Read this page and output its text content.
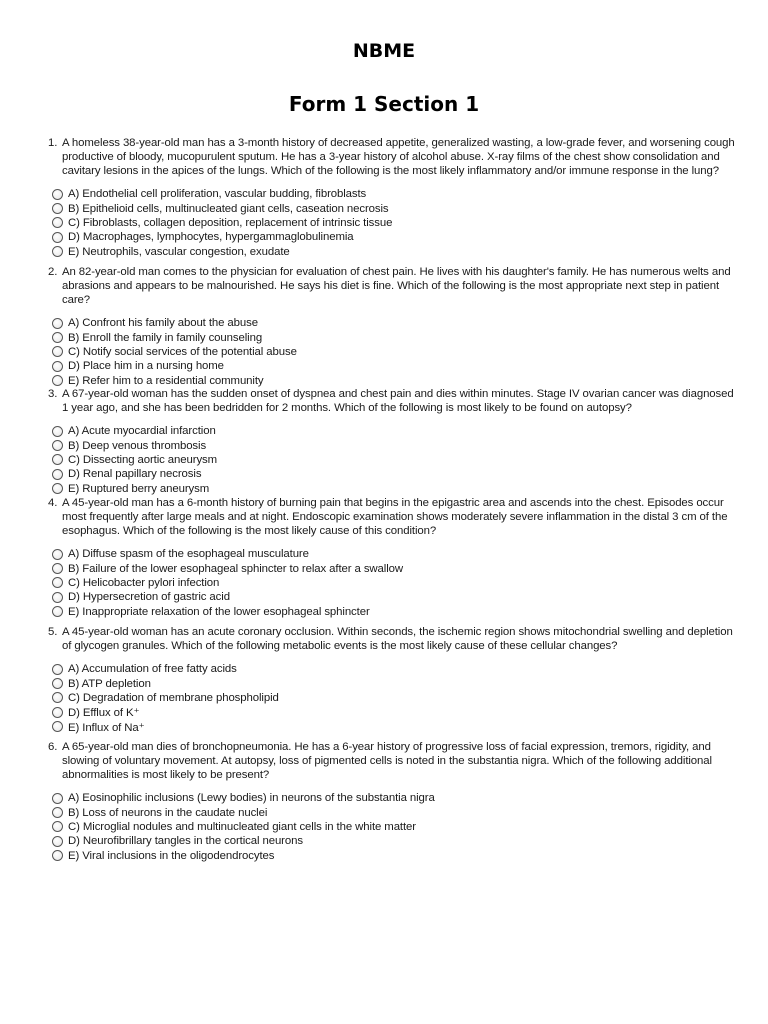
NBME
Form 1 Section 1
1. A homeless 38-year-old man has a 3-month history of decreased appetite, generalized wasting, a low-grade fever, and worsening cough productive of bloody, mucopurulent sputum. He has a 3-year history of alcohol abuse. X-ray films of the chest show consolidation and cavitary lesions in the apices of the lungs. Which of the following is the most likely inflammatory and/or immune response in the lung?
A) Endothelial cell proliferation, vascular budding, fibroblasts
B) Epithelioid cells, multinucleated giant cells, caseation necrosis
C) Fibroblasts, collagen deposition, replacement of intrinsic tissue
D) Macrophages, lymphocytes, hypergammaglobulinemia
E) Neutrophils, vascular congestion, exudate
2. An 82-year-old man comes to the physician for evaluation of chest pain. He lives with his daughter's family. He has numerous welts and abrasions and appears to be malnourished. He says his diet is fine. Which of the following is the most appropriate next step in patient care?
A) Confront his family about the abuse
B) Enroll the family in family counseling
C) Notify social services of the potential abuse
D) Place him in a nursing home
E) Refer him to a residential community
3. A 67-year-old woman has the sudden onset of dyspnea and chest pain and dies within minutes. Stage IV ovarian cancer was diagnosed 1 year ago, and she has been bedridden for 2 months. Which of the following is most likely to be found on autopsy?
A) Acute myocardial infarction
B) Deep venous thrombosis
C) Dissecting aortic aneurysm
D) Renal papillary necrosis
E) Ruptured berry aneurysm
4. A 45-year-old man has a 6-month history of burning pain that begins in the epigastric area and ascends into the chest. Episodes occur most frequently after large meals and at night. Endoscopic examination shows moderately severe inflammation in the distal 3 cm of the esophagus. Which of the following is the most likely cause of this condition?
A) Diffuse spasm of the esophageal musculature
B) Failure of the lower esophageal sphincter to relax after a swallow
C) Helicobacter pylori infection
D) Hypersecretion of gastric acid
E) Inappropriate relaxation of the lower esophageal sphincter
5. A 45-year-old woman has an acute coronary occlusion. Within seconds, the ischemic region shows mitochondrial swelling and depletion of glycogen granules. Which of the following metabolic events is the most likely cause of these cellular changes?
A) Accumulation of free fatty acids
B) ATP depletion
C) Degradation of membrane phospholipid
D) Efflux of K⁺
E) Influx of Na⁺
6. A 65-year-old man dies of bronchopneumonia. He has a 6-year history of progressive loss of facial expression, tremors, rigidity, and slowing of voluntary movement. At autopsy, loss of pigmented cells is noted in the substantia nigra. Which of the following additional abnormalities is most likely to be present?
A) Eosinophilic inclusions (Lewy bodies) in neurons of the substantia nigra
B) Loss of neurons in the caudate nuclei
C) Microglial nodules and multinucleated giant cells in the white matter
D) Neurofibrillary tangles in the cortical neurons
E) Viral inclusions in the oligodendrocytes
